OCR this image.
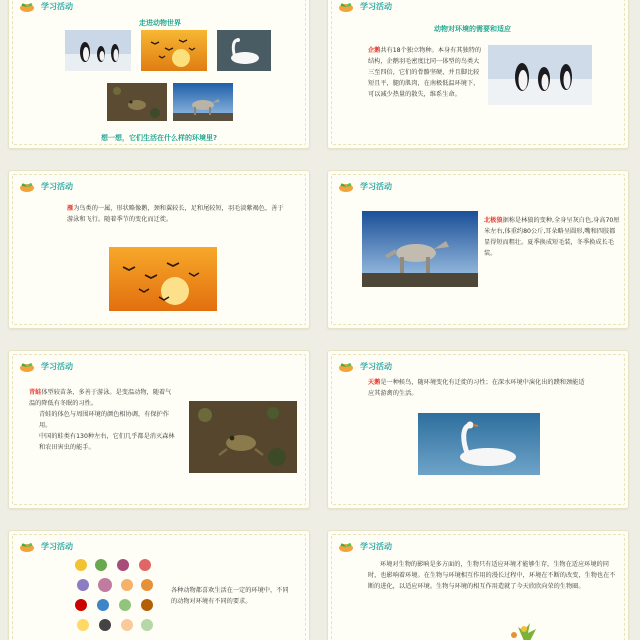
学习活动
走进动物世界
想一想，它们生活在什么样的环境里?
学习活动
动物对环境的需要和适应
企鹅共有18个独立物种。本身有其独特的结构，企鹅羽毛密度比同一体型的鸟类大三至四倍，它们的骨骼坚硬，并且脚比较短且平，腿的肌肉，在南极低温环境下，可以减少热量的散失，维系生命。
学习活动
雁为鸟类的一属，形状略像鹅，颈和翼较长，足和尾较短，羽毛淡紫褐色，善于游泳和飞行。随着季节的变化而迁徙。
学习活动
北极狼据称是林狼的变种,全身呈灰白色,身高70厘米左右,体重约80公斤,耳朵略呈圆形,嘴和四肢都显得短而粗壮。夏季换成短毛装，冬季换成长毛装。
学习活动
青蛙体型较苗条，多善于游泳。是变温动物，随着气温的降低有冬眠的习性。
青蛙的体色与周围环境的颜色相协调，有保护作用。
中国的蛙类有130种左右，它们几乎都是消灭森林和农田害虫的能手。
学习活动
天鹅是一种候鸟，随环境变化有迁徙的习性；在深水环境中演化出的蹼和颈能适应其游禽的生活。
学习活动
各种动物都喜欢生活在一定的环境中，不同的动物对环境有不同的要求。
学习活动
环境对生物的影响是多方面的，生物只有适应环境才能够生存，生物在适应环境的同时，也影响着环境。在生物与环境相互作用的漫长过程中，环境在不断的改变，生物也在不断的进化，以适应环境。生物与环境的相互作用造就了今天欣欣向荣的生物圈。
